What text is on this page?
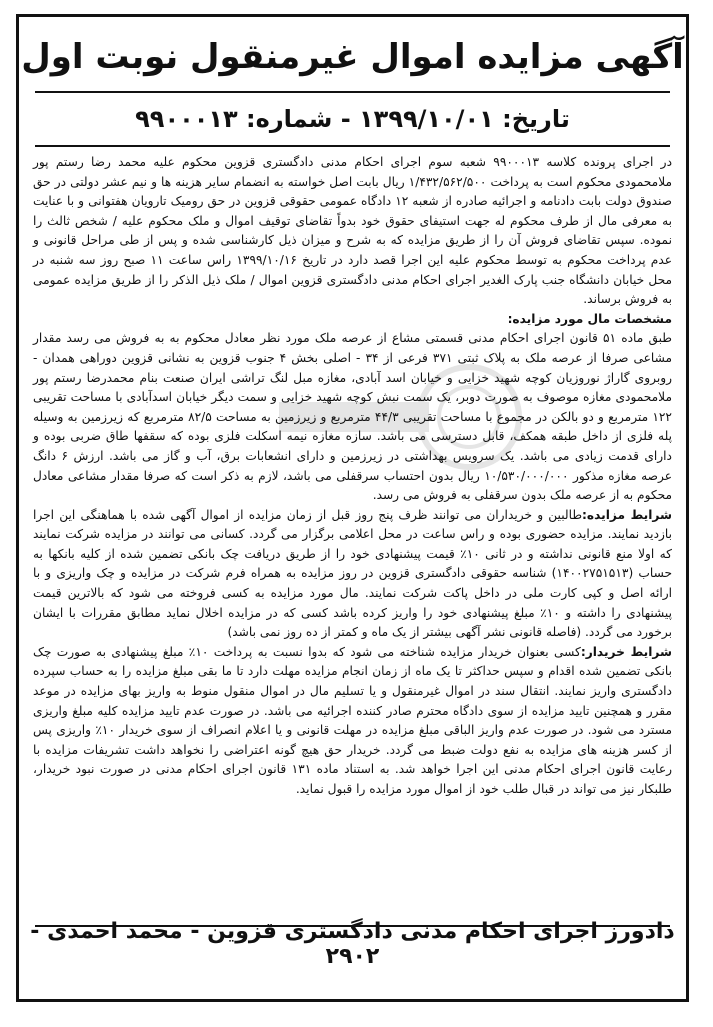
آگهی مزایده اموال غیرمنقول نوبت اول
تاریخ: ۱۳۹۹/۱۰/۰۱ - شماره: ۹۹۰۰۰۱۳

در اجرای پرونده کلاسه ۹۹۰۰۰۱۳ شعبه سوم اجرای احکام مدنی دادگستری قزوین محکوم علیه محمد رضا رستم پور ملامحمودی محکوم است به پرداخت ۱/۴۳۲/۵۶۲/۵۰۰ ریال بابت اصل خواسته به انضمام سایر هزینه ها و نیم عشر دولتی در حق صندوق دولت بابت دادنامه و اجرائیه صادره از شعبه ۱۲ دادگاه عمومی حقوقی قزوین در حق رومیک تارویان هفتوانی و با عنایت به معرفی مال از طرف محکوم له جهت استیفای حقوق خود بدواً تقاضای توقیف اموال و ملک محکوم علیه / شخص ثالث را نموده. سپس تقاضای فروش آن را از طریق مزایده که به شرح و میزان ذیل کارشناسی شده و پس از طی مراحل قانونی و عدم پرداخت محکوم به توسط محکوم علیه این اجرا قصد دارد در تاریخ ۱۳۹۹/۱۰/۱۶ راس ساعت ۱۱ صبح روز سه شنبه در محل خیابان دانشگاه جنب پارک الغدیر اجرای احکام مدنی دادگستری قزوین اموال / ملک ذیل الذکر را از طریق مزایده عمومی به فروش برساند.

مشخصات مال مورد مزایده:

طبق ماده ۵۱ قانون اجرای احکام مدنی قسمتی مشاع از عرصه ملک مورد نظر معادل محکوم به به فروش می رسد مقدار مشاعی صرفا از عرصه ملک به پلاک ثبتی ۳۷۱ فرعی از ۳۴ - اصلی بخش ۴ جنوب قزوین به نشانی قزوین دوراهی همدان - روبروی گاراژ نوروزیان کوچه شهید خزایی و خیابان اسد آبادی، مغازه مبل لنگ تراشی ایران صنعت بنام محمدرضا رستم پور ملامحمودی مغازه موصوف به صورت دوبر، یک سمت نبش کوچه شهید خزایی و سمت دیگر خیابان اسدآبادی با مساحت تقریبی ۱۲۲ مترمربع و دو بالکن در مجموع با مساحت تقریبی ۴۴/۳ مترمربع و زیرزمین به مساحت ۸۲/۵ مترمربع که زیرزمین به وسیله پله فلزی از داخل طبقه همکف، قابل دسترسی می باشد. سازه مغازه نیمه اسکلت فلزی بوده که سقفها طاق ضربی بوده و دارای قدمت زیادی می باشد. یک سرویس بهداشتی در زیرزمین و دارای انشعابات برق، آب و گاز می باشد. ارزش ۶ دانگ عرصه مغازه مذکور ۱۰/۵۳۰/۰۰۰/۰۰۰ ریال بدون احتساب سرقفلی می باشد، لازم به ذکر است که صرفا مقدار مشاعی معادل محکوم به از عرصه ملک بدون سرقفلی به فروش می رسد.

شرایط مزایده:طالبین و خریداران می توانند ظرف پنج روز قبل از زمان مزایده از اموال آگهی شده با هماهنگی این اجرا بازدید نمایند. مزایده حضوری بوده و راس ساعت در محل اعلامی برگزار می گردد. کسانی می توانند در مزایده شرکت نمایند که اولا منع قانونی نداشته و در ثانی ۱۰٪ قیمت پیشنهادی خود را از طریق دریافت چک بانکی تضمین شده از کلیه بانکها به حساب (۱۴۰۰۲۷۵۱۵۱۳) شناسه حقوقی دادگستری قزوین در روز مزایده به همراه فرم شرکت در مزایده و چک واریزی و با ارائه اصل و کپی کارت ملی در داخل پاکت شرکت نمایند. مال مورد مزایده به کسی فروخته می شود که بالاترین قیمت پیشنهادی را داشته و ۱۰٪ مبلغ پیشنهادی خود را واریز کرده باشد کسی که در مزایده اخلال نماید مطابق مقررات با ایشان برخورد می گردد. (فاصله قانونی نشر آگهی بیشتر از یک ماه و کمتر از ده روز نمی باشد)

شرایط خریدار:کسی بعنوان خریدار مزایده شناخته می شود که بدوا نسبت به پرداخت ۱۰٪ مبلغ پیشنهادی به صورت چک بانکی تضمین شده اقدام و سپس حداکثر تا یک ماه از زمان انجام مزایده مهلت دارد تا ما بقی مبلغ مزایده را به حساب سپرده دادگستری واریز نمایند. انتقال سند در اموال غیرمنقول و یا تسلیم مال در اموال منقول منوط به واریز بهای مزایده در موعد مقرر و همچنین تایید مزایده از سوی دادگاه محترم صادر کننده اجرائیه می باشد. در صورت عدم تایید مزایده کلیه مبلغ واریزی مسترد می شود. در صورت عدم واریز الباقی مبلغ مزایده در مهلت قانونی و یا اعلام انصراف از سوی خریدار ۱۰٪ واریزی پس از کسر هزینه های مزایده به نفع دولت ضبط می گردد. خریدار حق هیچ گونه اعتراضی را نخواهد داشت تشریفات مزایده با رعایت قانون اجرای احکام مدنی این اجرا خواهد شد. به استناد ماده ۱۳۱ قانون اجرای احکام مدنی در صورت نبود خریدار، طلبکار نیز می تواند در قبال طلب خود از اموال مورد مزایده را قبول نماید.

دادورز اجرای احکام مدنی دادگستری قزوین - محمد احمدی - ۲۹۰۲
